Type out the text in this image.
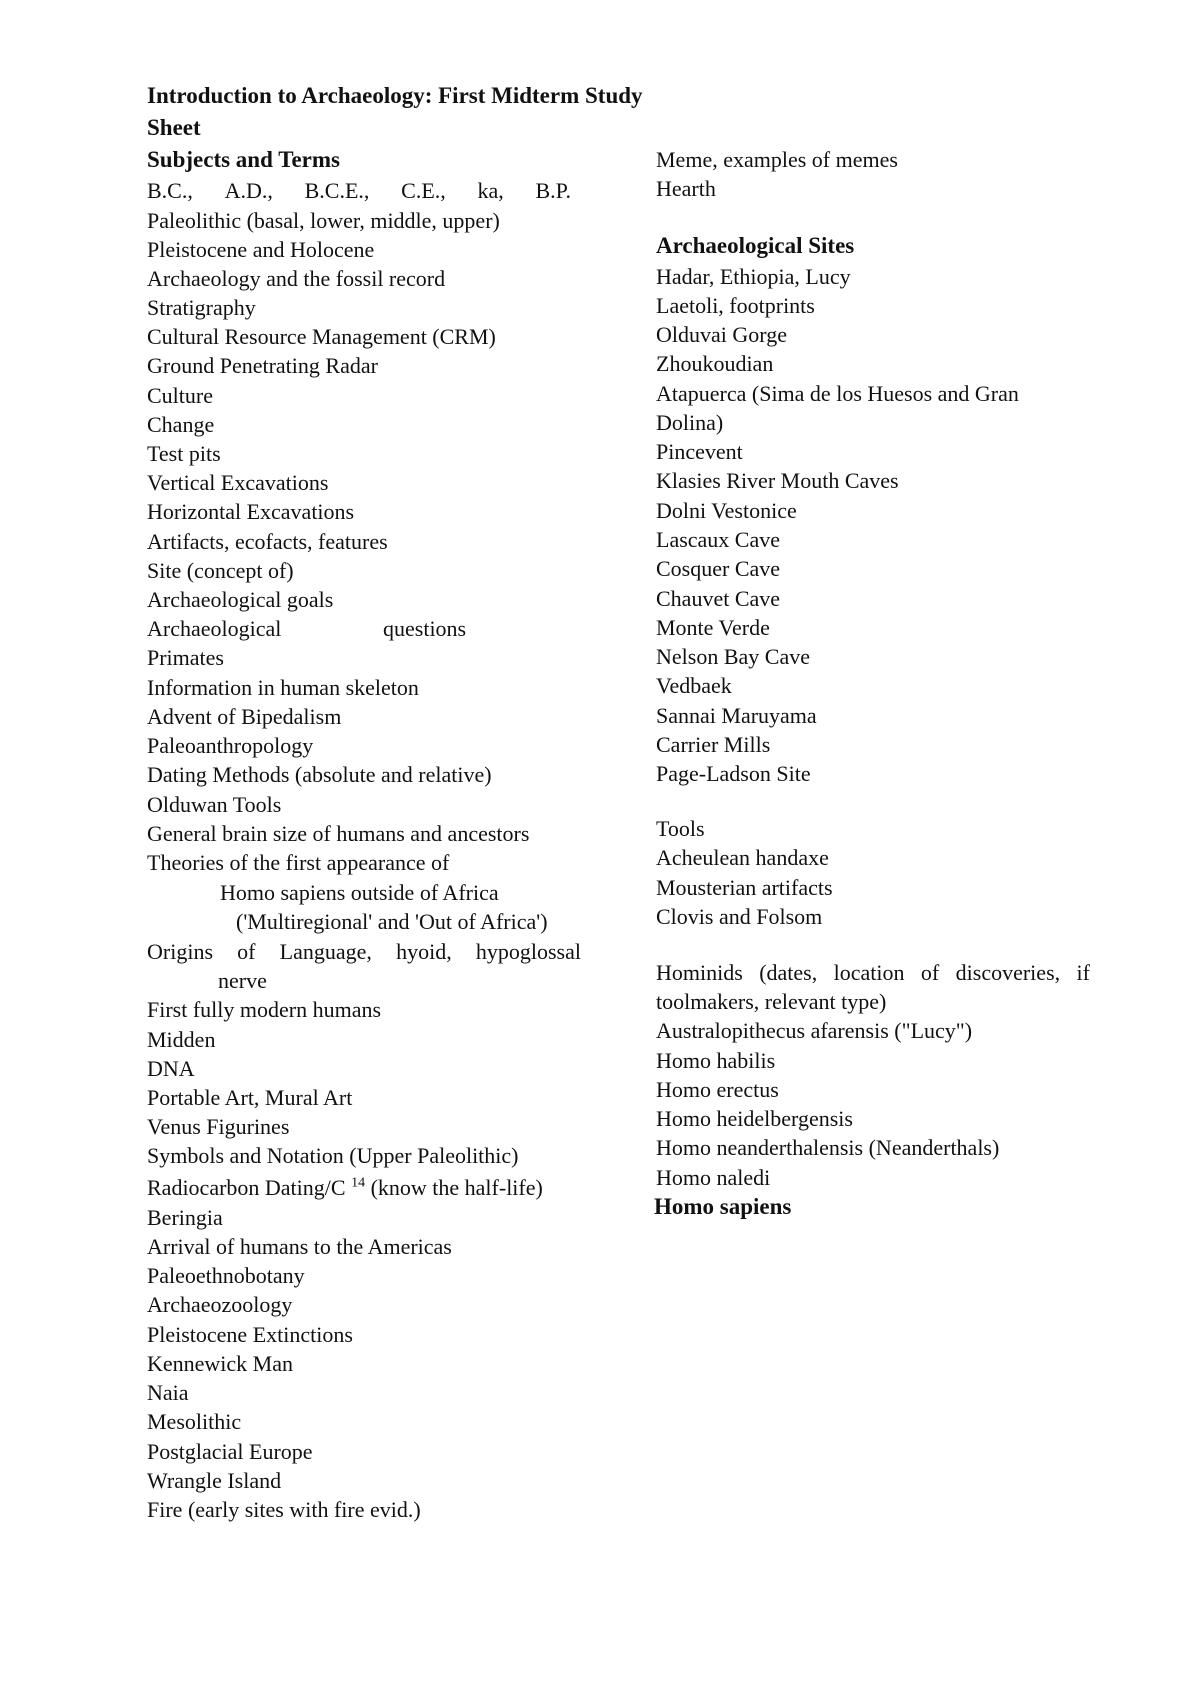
Introduction to Archaeology: First Midterm Study
Sheet
Subjects and Terms
B.C., A.D., B.C.E., C.E., ka, B.P.
Paleolithic (basal, lower, middle, upper)
Pleistocene and Holocene
Archaeology and the fossil record
Stratigraphy
Cultural Resource Management (CRM)
Ground Penetrating Radar
Culture
Change
Test pits
Vertical Excavations
Horizontal Excavations
Artifacts, ecofacts, features
Site (concept of)
Archaeological goals
Archaeological	questions
Primates
Information in human skeleton
Advent of Bipedalism
Paleoanthropology
Dating Methods (absolute and relative)
Olduwan Tools
General brain size of humans and ancestors
Theories of the first appearance of
Homo sapiens outside of Africa
('Multiregional' and 'Out of Africa')
Origins of Language, hyoid, hypoglossal
nerve
First fully modern humans
Midden
DNA
Portable Art, Mural Art
Venus Figurines
Symbols and Notation (Upper Paleolithic)
Radiocarbon Dating/C $^{14}$ (know the half-life)
Beringia
Arrival of humans to the Americas
Paleoethnobotany
Archaeozoology
Pleistocene Extinctions
Kennewick Man
Naia
Mesolithic
Postglacial Europe
Wrangle Island
Fire (early sites with fire evid.)
Meme, examples of memes
Hearth
Archaeological Sites
Hadar, Ethiopia, Lucy
Laetoli, footprints
Olduvai Gorge
Zhoukoudian
Atapuerca (Sima de los Huesos and Gran
Dolina)
Pincevent
Klasies River Mouth Caves
Dolni Vestonice
Lascaux Cave
Cosquer Cave
Chauvet Cave
Monte Verde
Nelson Bay Cave
Vedbaek
Sannai Maruyama
Carrier Mills
Page-Ladson Site
Tools
Acheulean handaxe
Mousterian artifacts
Clovis and Folsom
Hominids (dates, location of discoveries, if
toolmakers, relevant type)
Australopithecus afarensis ("Lucy")
Homo habilis
Homo erectus
Homo heidelbergensis
Homo neanderthalensis (Neanderthals)
Homo naledi
Homo sapiens
